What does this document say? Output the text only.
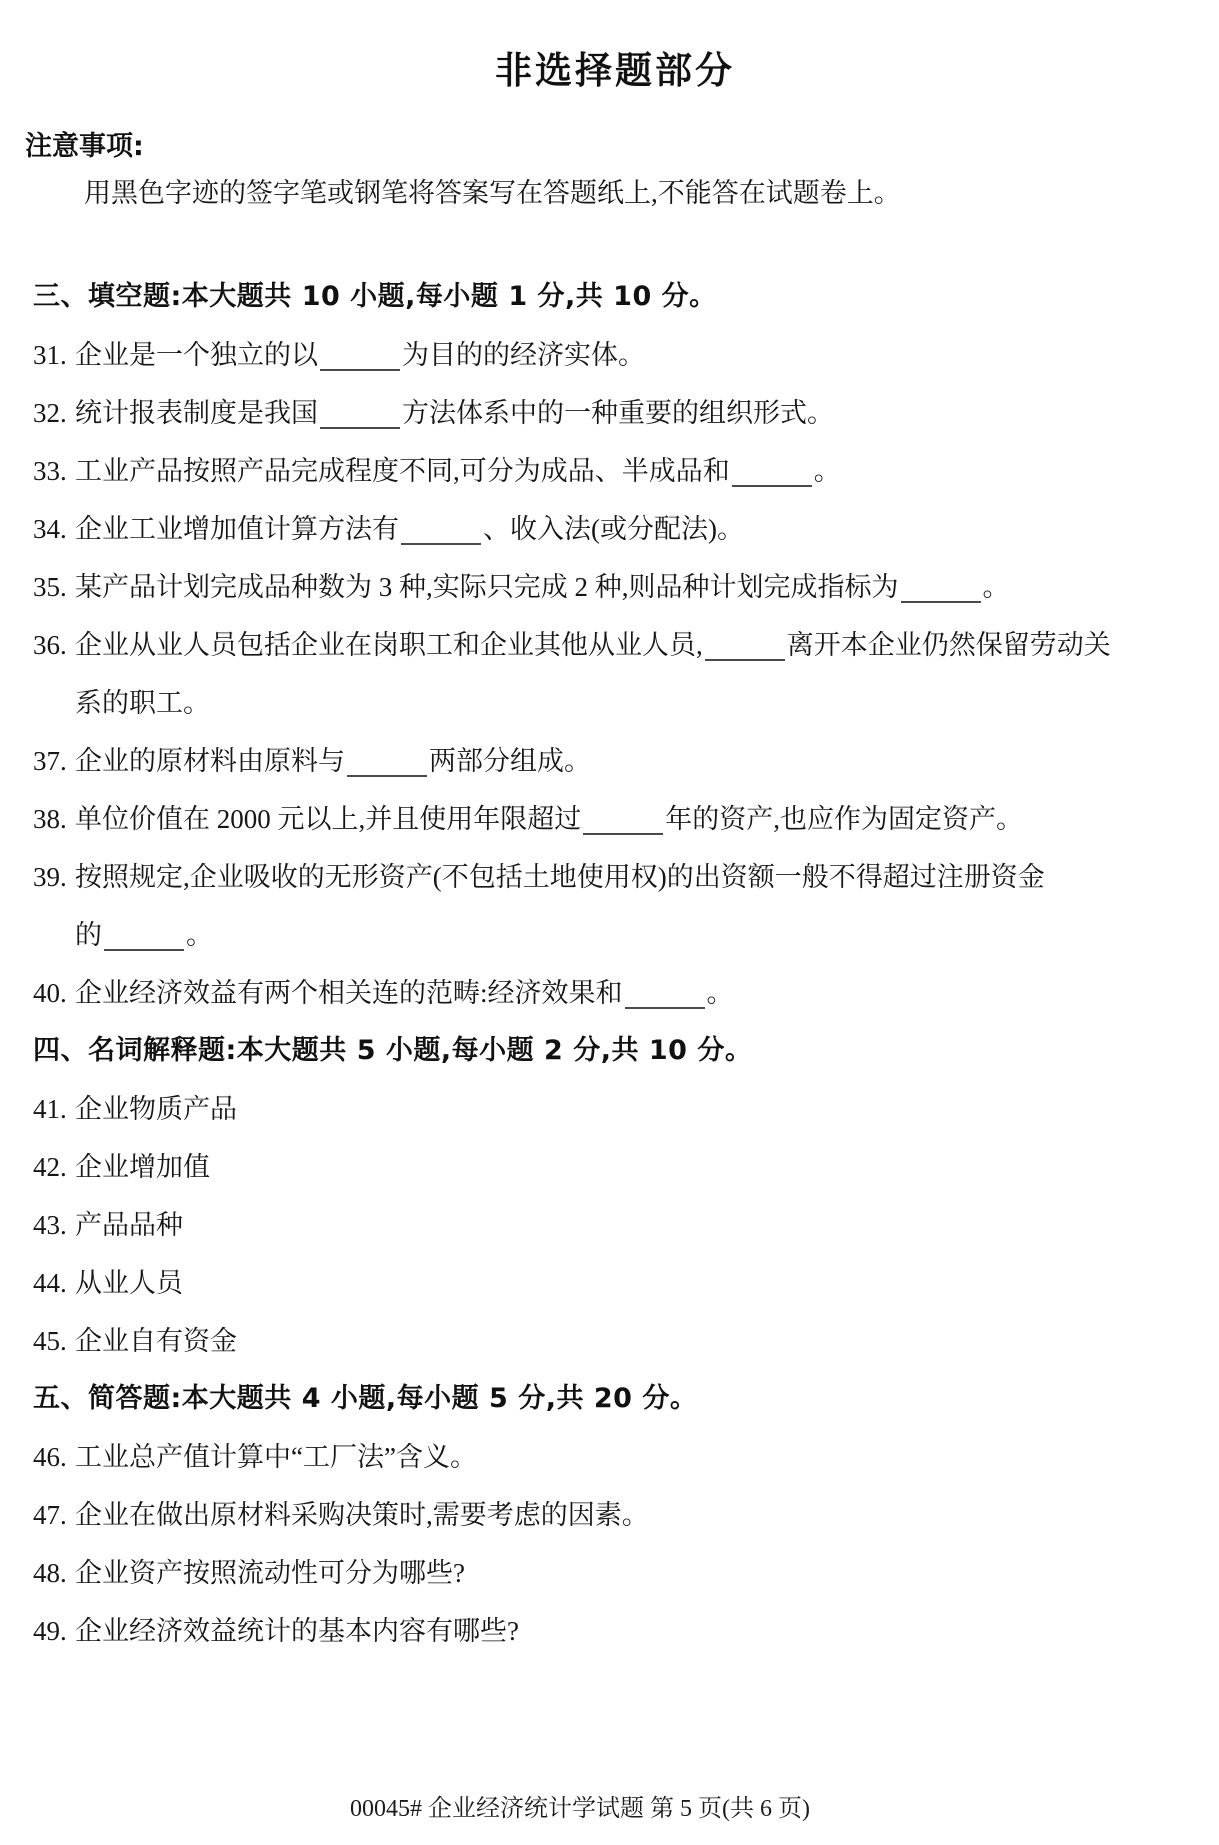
非选择题部分
注意事项:
用黑色字迹的签字笔或钢笔将答案写在答题纸上,不能答在试题卷上。
三、填空题:本大题共 10 小题,每小题 1 分,共 10 分。
31. 企业是一个独立的以	为目的的经济实体。
32. 统计报表制度是我国	方法体系中的一种重要的组织形式。
33. 工业产品按照产品完成程度不同,可分为成品、半成品和	。
34. 企业工业增加值计算方法有	、收入法(或分配法)。
35. 某产品计划完成品种数为 3 种,实际只完成 2 种,则品种计划完成指标为	。
36. 企业从业人员包括企业在岗职工和企业其他从业人员,	离开本企业仍然保留劳动关
系的职工。
37. 企业的原材料由原料与	两部分组成。
38. 单位价值在 2000 元以上,并且使用年限超过	年的资产,也应作为固定资产。
39. 按照规定,企业吸收的无形资产(不包括土地使用权)的出资额一般不得超过注册资金
的	。
40. 企业经济效益有两个相关连的范畴:经济效果和	。
四、名词解释题:本大题共 5 小题,每小题 2 分,共 10 分。
41. 企业物质产品
42. 企业增加值
43. 产品品种
44. 从业人员
45. 企业自有资金
五、简答题:本大题共 4 小题,每小题 5 分,共 20 分。
46. 工业总产值计算中“工厂法”含义。
47. 企业在做出原材料采购决策时,需要考虑的因素。
48. 企业资产按照流动性可分为哪些?
49. 企业经济效益统计的基本内容有哪些?
00045# 企业经济统计学试题 第 5 页(共 6 页)
